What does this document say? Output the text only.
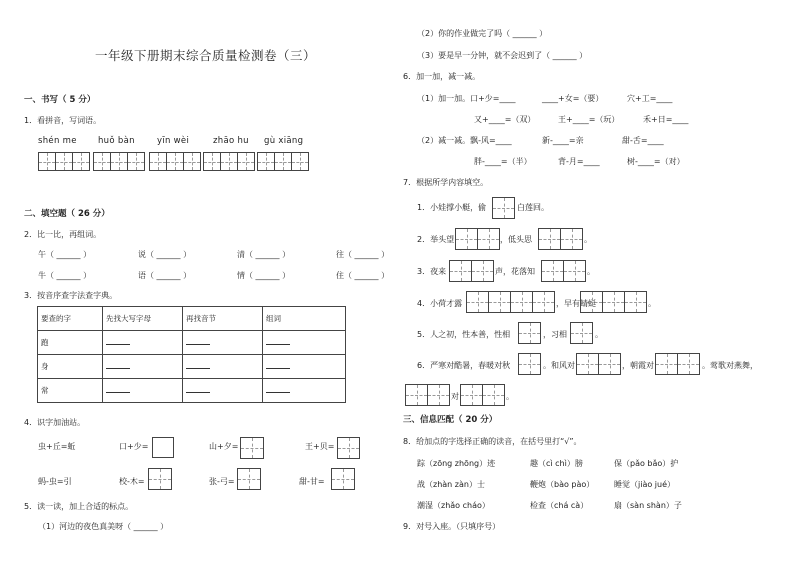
一年级下册期末综合质量检测卷（三）
一、书写（ 5 分）
1．看拼音，写词语。
shén me	huǒ bàn	yīn wèi	zhāo hu gù xiāng
二、填空题（ 26 分）
2．比一比，再组词。
午（ ______ ）	说（ ______ ）	清（ ______ ）	往（ ______ ）
牛（ ______ ）	语（ ______ ）	情（ ______ ）	住（ ______ ）
3．按音序查字法查字典。
要查的字	先找大写字母	再找音节	组词
跑			
身			
常			
4．识字加油站。
虫+丘=蚯	口+少=	山+夕=	王+贝=
蚂-虫=引	校-木=	张-弓=	甜-甘=
5．读一读，加上合适的标点。
（1）河边的夜色真美呀（ ______ ）
（2）你的作业做完了吗（ ______ ）
（3）要是早一分钟，就不会迟到了（ ______ ）
6．加一加，减一减。
（1）加一加。口+少=____	____+女=（要）	穴+工=____
又+____=（双）	王+____=（玩）	禾+日=____
（2）减一减。飘-风=____	新-____=亲	甜-舌=____
胖-____=（半）	背-月=____	树-____=（对）
7．根据所学内容填空。
1．小娃撑小艇，偷	白莲回。
2．举头望	，低头思	。
3．夜来	声，花落知	。
4．小荷才露	，早有蜻蜓	。
5．人之初，性本善，性相	，习相	。
6．严寒对酷暑，春暖对秋	。和风对	，朝霞对	。莺歌对燕舞，
对	。
三、信息匹配（ 20 分）
8．给加点的字选择正确的读音，在括号里打“√”。
踪（zōng zhōng）迹	趣（cì chì）膀	保（pǎo bǎo）护
战（zhàn zàn）士	鞭炮（bào pào） 睡觉（jiào jué）
潮湿（zhǎo cháo）	检查（chá cà）	扇（sàn shàn）子
9．对号入座。（只填序号）
